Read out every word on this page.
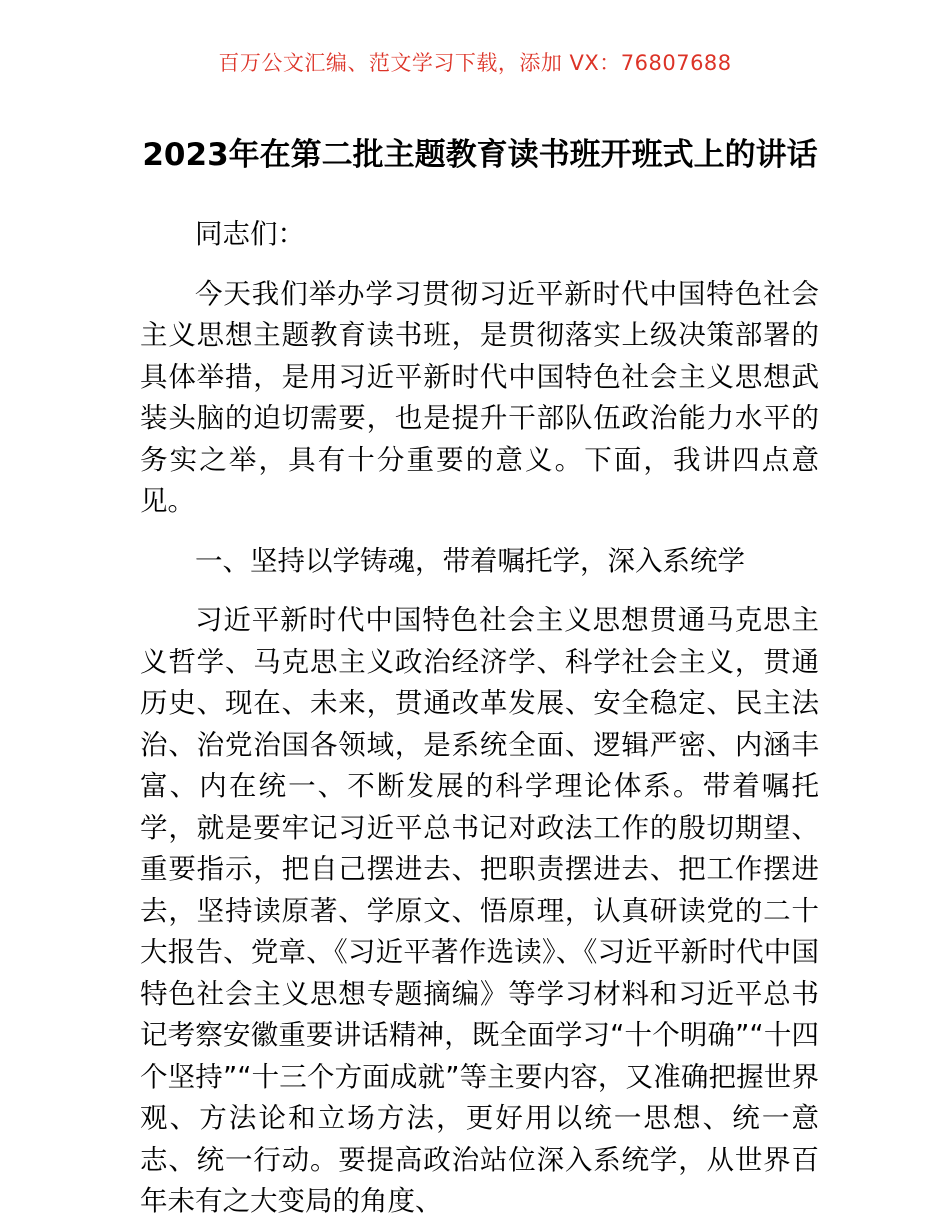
百万公文汇编、范文学习下载，添加 VX：76807688
2023年在第二批主题教育读书班开班式上的讲话

同志们：

今天我们举办学习贯彻习近平新时代中国特色社会主义思想主题教育读书班，是贯彻落实上级决策部署的具体举措，是用习近平新时代中国特色社会主义思想武装头脑的迫切需要，也是提升干部队伍政治能力水平的务实之举，具有十分重要的意义。下面，我讲四点意见。

一、坚持以学铸魂，带着嘱托学，深入系统学

习近平新时代中国特色社会主义思想贯通马克思主义哲学、马克思主义政治经济学、科学社会主义，贯通历史、现在、未来，贯通改革发展、安全稳定、民主法治、治党治国各领域，是系统全面、逻辑严密、内涵丰富、内在统一、不断发展的科学理论体系。带着嘱托学，就是要牢记习近平总书记对政法工作的殷切期望、重要指示，把自己摆进去、把职责摆进去、把工作摆进去，坚持读原著、学原文、悟原理，认真研读党的二十大报告、党章、《习近平著作选读》、《习近平新时代中国特色社会主义思想专题摘编》等学习材料和习近平总书记考察安徽重要讲话精神，既全面学习“十个明确”“十四个坚持”“十三个方面成就”等主要内容，又准确把握世界观、方法论和立场方法，更好用以统一思想、统一意志、统一行动。要提高政治站位深入系统学，从世界百年未有之大变局的角度、
